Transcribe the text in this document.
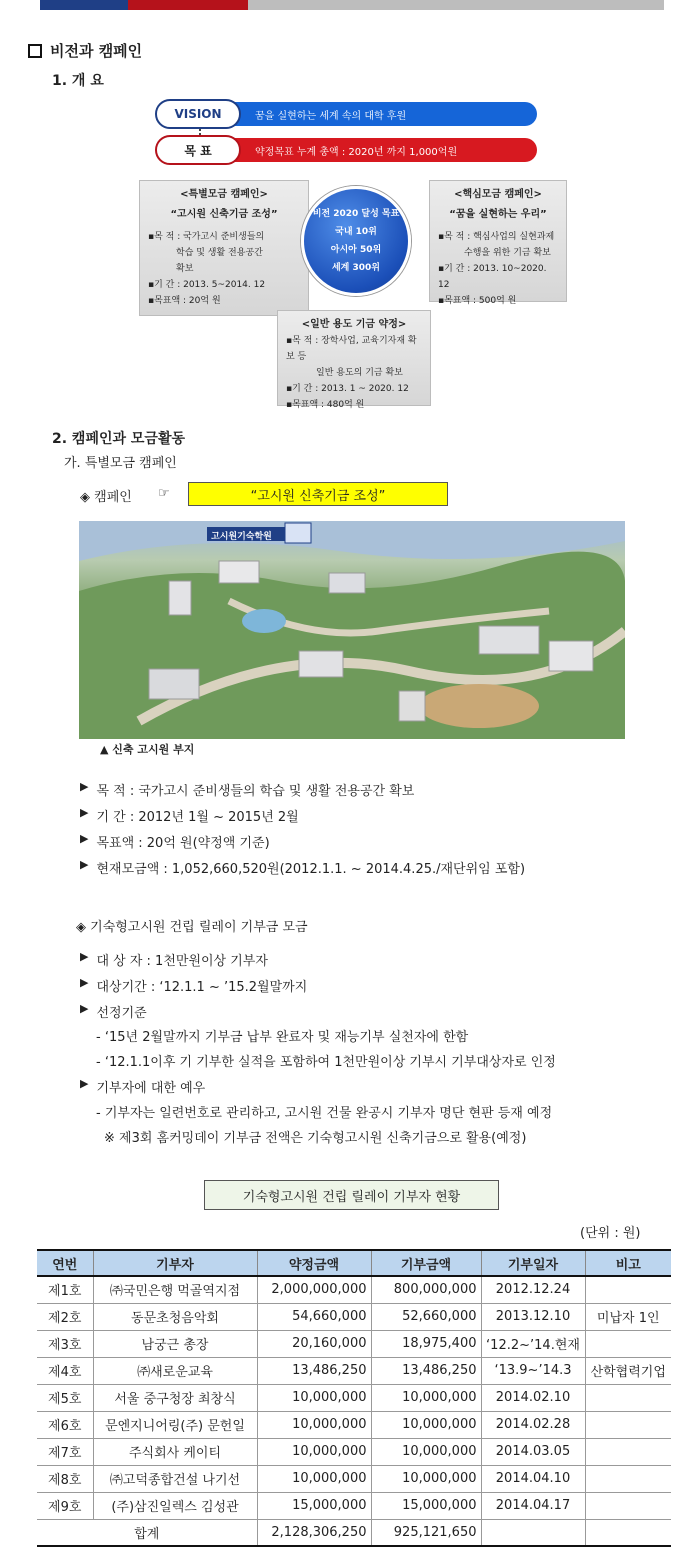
비전과 캠페인
1. 개 요
VISION	꿈을 실현하는 세계 속의 대학 후원
목 표	약정목표 누계 총액 : 2020년 까지 1,000억원
<특별모금 캠페인>
“고시원 신축기금 조성”
▪목 적 : 국가고시 준비생들의
학습 및 생활 전용공간
확보
▪기 간 : 2013. 5~2014. 12
▪목표액 : 20억 원
<핵심모금 캠페인>
“꿈을 실현하는 우리”
▪목 적 : 핵심사업의 실현과제
수행을 위한 기금 확보
▪기 간 : 2013. 10~2020. 12
▪목표액 : 500억 원
<일반 용도 기금 약정>
▪목 적 : 장학사업, 교육기자재 확보 등
일반 용도의 기금 확보
▪기 간 : 2013. 1 ~ 2020. 12
▪목표액 : 480억 원
비전 2020 달성 목표
국내 10위
아시아 50위
세계 300위
2. 캠페인과 모금활동
가. 특별모금 캠페인
◈ 캠페인 ☞	“고시원 신축기금 조성”
고시원기숙학원
▲ 신축 고시원 부지
▶ 목 적 : 국가고시 준비생들의 학습 및 생활 전용공간 확보
▶ 기 간 : 2012년 1월 ~ 2015년 2월
▶ 목표액 : 20억 원(약정액 기준)
▶ 현재모금액 : 1,052,660,520원(2012.1.1. ~ 2014.4.25./재단위임 포함)
◈ 기숙형고시원 건립 릴레이 기부금 모금
▶ 대 상 자 : 1천만원이상 기부자
▶ 대상기간 : ‘12.1.1 ~ ’15.2월말까지
▶ 선정기준
- ‘15년 2월말까지 기부금 납부 완료자 및 재능기부 실천자에 한함
- ‘12.1.1이후 기 기부한 실적을 포함하여 1천만원이상 기부시 기부대상자로 인정
▶ 기부자에 대한 예우
- 기부자는 일련번호로 관리하고, 고시원 건물 완공시 기부자 명단 현판 등재 예정
※ 제3회 홈커밍데이 기부금 전액은 기숙형고시원 신축기금으로 활용(예정)
기숙형고시원 건립 릴레이 기부자 현황
(단위 : 원)
연번	기부자	약정금액	기부금액	기부일자	비고
제1호	㈜국민은행 먹골역지점	2,000,000,000	800,000,000	2012.12.24	
제2호	동문초청음악회	54,660,000	52,660,000	2013.12.10	미납자 1인
제3호	남궁근 총장	20,160,000	18,975,400	‘12.2~’14.현재	
제4호	㈜새로운교육	13,486,250	13,486,250	‘13.9~’14.3	산학협력기업
제5호	서울 중구청장 최창식	10,000,000	10,000,000	2014.02.10	
제6호	문엔지니어링(주) 문헌일	10,000,000	10,000,000	2014.02.28	
제7호	주식회사 케이티	10,000,000	10,000,000	2014.03.05	
제8호	㈜고덕종합건설 나기선	10,000,000	10,000,000	2014.04.10	
제9호	(주)삼진일렉스 김성관	15,000,000	15,000,000	2014.04.17	
합계		2,128,306,250	925,121,650		
